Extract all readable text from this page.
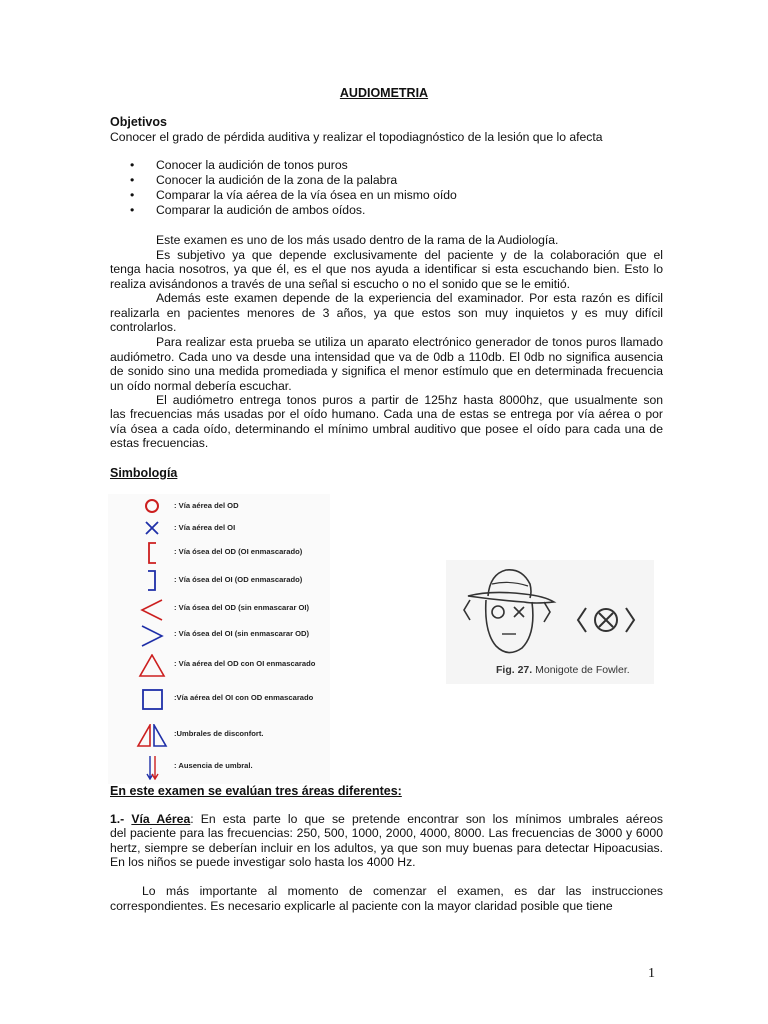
AUDIOMETRIA
Objetivos
Conocer el grado de pérdida auditiva y realizar el topodiagnóstico de la lesión que lo afecta
• Conocer la audición de tonos puros
• Conocer la audición de la zona de la palabra
• Comparar la vía aérea de la vía ósea en un mismo oído
• Comparar la audición de ambos oídos.
Este examen es uno de los más usado dentro de la rama de la Audiología.
Es subjetivo ya que depende exclusivamente del paciente y de la colaboración que el
tenga hacia nosotros, ya que él, es el que nos ayuda a identificar si esta escuchando bien. Esto lo realiza avisándonos a través de una señal si escucho o no el sonido que se le emitió.
Además este examen depende de la experiencia del examinador. Por esta razón es difícil realizarla en pacientes menores de 3 años, ya que estos son muy inquietos y es muy difícil controlarlos.
Para realizar esta prueba se utiliza un aparato electrónico generador de tonos puros llamado audiómetro. Cada uno va desde una intensidad que va de 0db a 110db. El 0db no significa ausencia de sonido sino una medida promediada y significa el menor estímulo que en determinada frecuencia un oído normal debería escuchar.
El audiómetro entrega tonos puros a partir de 125hz hasta 8000hz, que usualmente son
las frecuencias más usadas por el oído humano. Cada una de estas se entrega por vía aérea o por vía ósea a cada oído, determinando el mínimo umbral auditivo que posee el oído para cada una de estas frecuencias.
Simbología
: Vía aérea del OD
: Vía aérea del OI
: Vía ósea del OD (OI enmascarado)
: Vía ósea del OI (OD enmascarado)
: Vía ósea del OD (sin enmascarar OI)
: Vía ósea del OI (sin enmascarar OD)
: Vía aérea del OD con OI enmascarado
:Vía aérea del OI con OD enmascarado
:Umbrales de disconfort.
: Ausencia de umbral.
Fig. 27. Monigote de Fowler.
En este examen se evalúan tres áreas diferentes:
1.- Vía Aérea: En esta parte lo que se pretende encontrar son los mínimos umbrales aéreos
del paciente para las frecuencias: 250, 500, 1000, 2000, 4000, 8000. Las frecuencias de 3000 y 6000 hertz, siempre se deberían incluir en los adultos, ya que son muy buenas para detectar Hipoacusias. En los niños se puede investigar solo hasta los 4000 Hz.
Lo más importante al momento de comenzar el examen, es dar las instrucciones correspondientes. Es necesario explicarle al paciente con la mayor claridad posible que tiene
1
